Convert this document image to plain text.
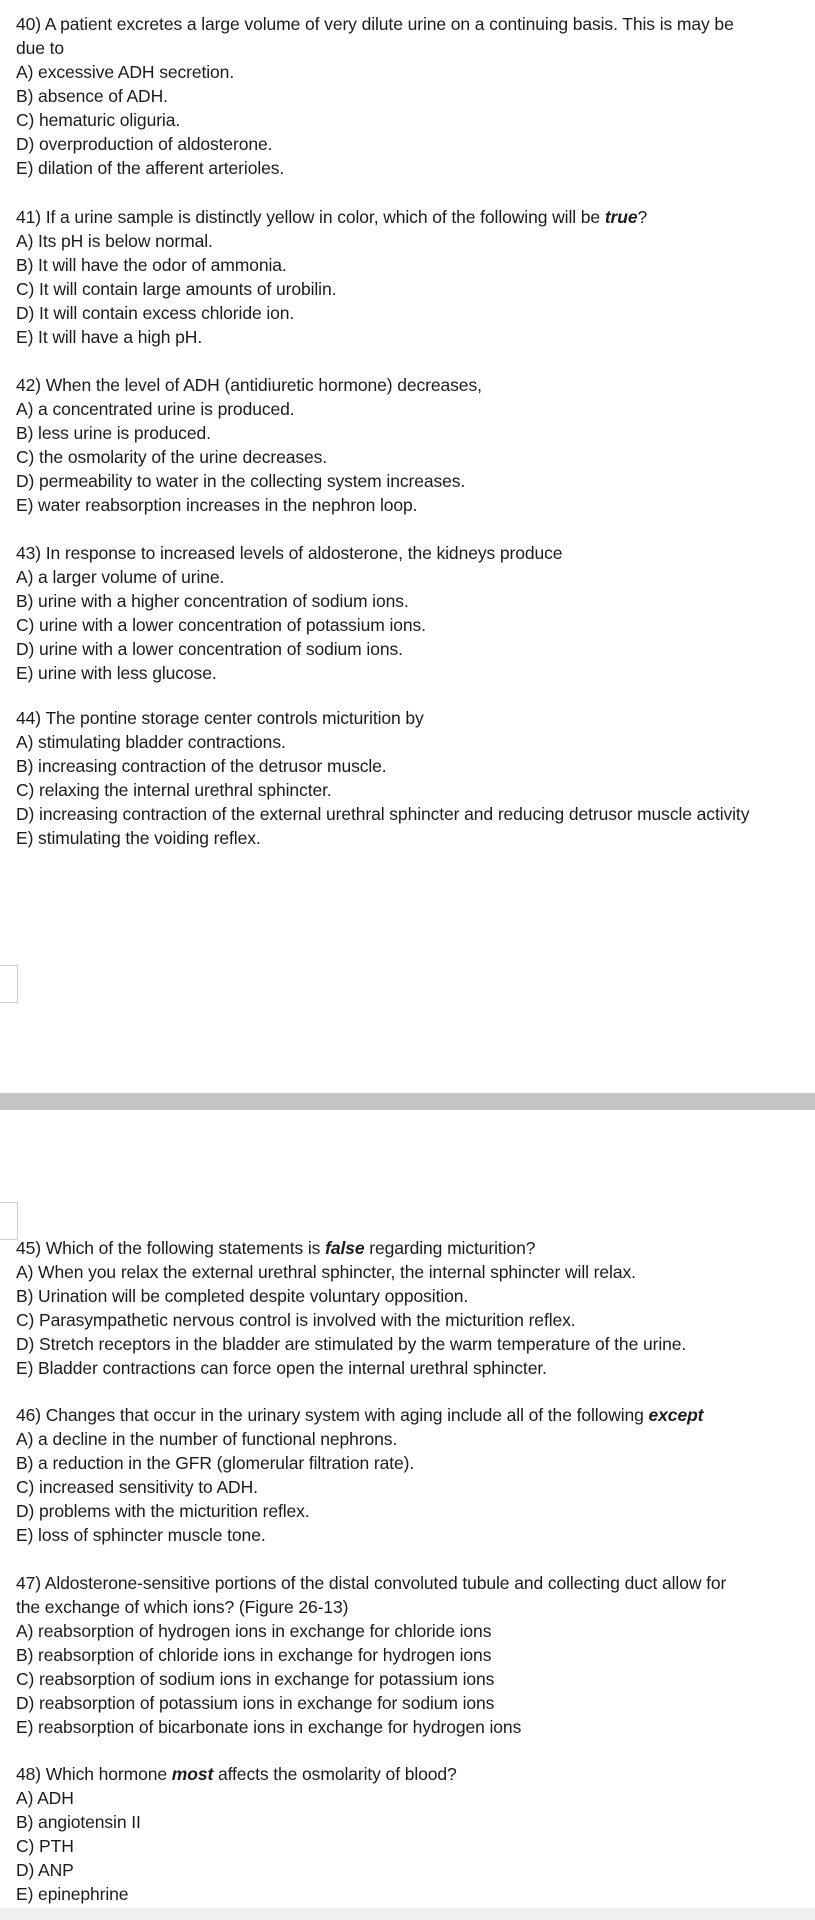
40) A patient excretes a large volume of very dilute urine on a continuing basis. This is may be
due to
A) excessive ADH secretion.
B) absence of ADH.
C) hematuric oliguria.
D) overproduction of aldosterone.
E) dilation of the afferent arterioles.
41) If a urine sample is distinctly yellow in color, which of the following will be true?
A) Its pH is below normal.
B) It will have the odor of ammonia.
C) It will contain large amounts of urobilin.
D) It will contain excess chloride ion.
E) It will have a high pH.
42) When the level of ADH (antidiuretic hormone) decreases,
A) a concentrated urine is produced.
B) less urine is produced.
C) the osmolarity of the urine decreases.
D) permeability to water in the collecting system increases.
E) water reabsorption increases in the nephron loop.
43) In response to increased levels of aldosterone, the kidneys produce
A) a larger volume of urine.
B) urine with a higher concentration of sodium ions.
C) urine with a lower concentration of potassium ions.
D) urine with a lower concentration of sodium ions.
E) urine with less glucose.
44) The pontine storage center controls micturition by
A) stimulating bladder contractions.
B) increasing contraction of the detrusor muscle.
C) relaxing the internal urethral sphincter.
D) increasing contraction of the external urethral sphincter and reducing detrusor muscle activity
E) stimulating the voiding reflex.
45) Which of the following statements is false regarding micturition?
A) When you relax the external urethral sphincter, the internal sphincter will relax.
B) Urination will be completed despite voluntary opposition.
C) Parasympathetic nervous control is involved with the micturition reflex.
D) Stretch receptors in the bladder are stimulated by the warm temperature of the urine.
E) Bladder contractions can force open the internal urethral sphincter.
46) Changes that occur in the urinary system with aging include all of the following except
A) a decline in the number of functional nephrons.
B) a reduction in the GFR (glomerular filtration rate).
C) increased sensitivity to ADH.
D) problems with the micturition reflex.
E) loss of sphincter muscle tone.
47) Aldosterone-sensitive portions of the distal convoluted tubule and collecting duct allow for
the exchange of which ions? (Figure 26-13)
A) reabsorption of hydrogen ions in exchange for chloride ions
B) reabsorption of chloride ions in exchange for hydrogen ions
C) reabsorption of sodium ions in exchange for potassium ions
D) reabsorption of potassium ions in exchange for sodium ions
E) reabsorption of bicarbonate ions in exchange for hydrogen ions
48) Which hormone most affects the osmolarity of blood?
A) ADH
B) angiotensin II
C) PTH
D) ANP
E) epinephrine
